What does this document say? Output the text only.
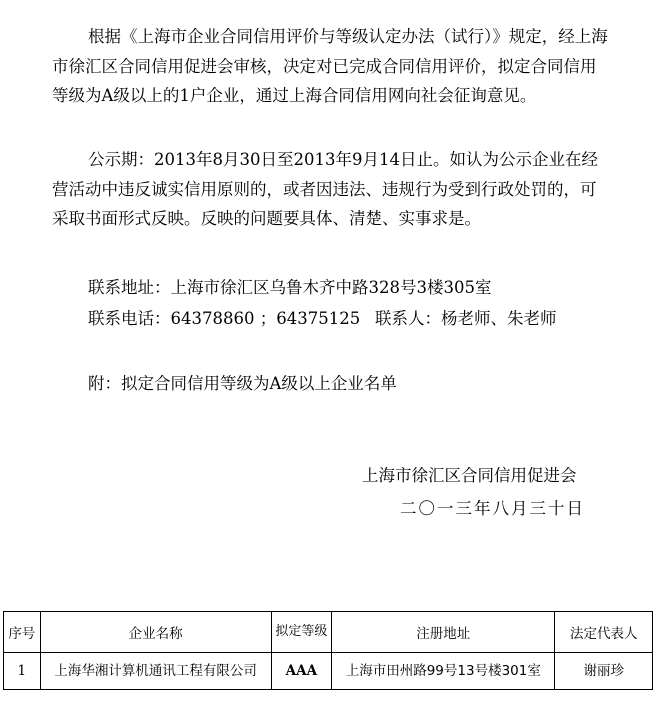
根据《上海市企业合同信用评价与等级认定办法（试行）》规定，经上海市徐汇区合同信用促进会审核，决定对已完成合同信用评价，拟定合同信用等级为A级以上的1户企业，通过上海合同信用网向社会征询意见。

公示期：2013年8月30日至2013年9月14日止。如认为公示企业在经营活动中违反诚实信用原则的，或者因违法、违规行为受到行政处罚的，可采取书面形式反映。反映的问题要具体、清楚、实事求是。

联系地址：上海市徐汇区乌鲁木齐中路328号3楼305室
联系电话：64378860 ；64375125 联系人：杨老师、朱老师
附：拟定合同信用等级为A级以上企业名单
上海市徐汇区合同信用促进会
二〇一三年八月三十日
序号	企业名称	拟定等级	注册地址	法定代表人
1	上海华湘计算机通讯工程有限公司	AAA	上海市田州路99号13号楼301室	谢丽珍
